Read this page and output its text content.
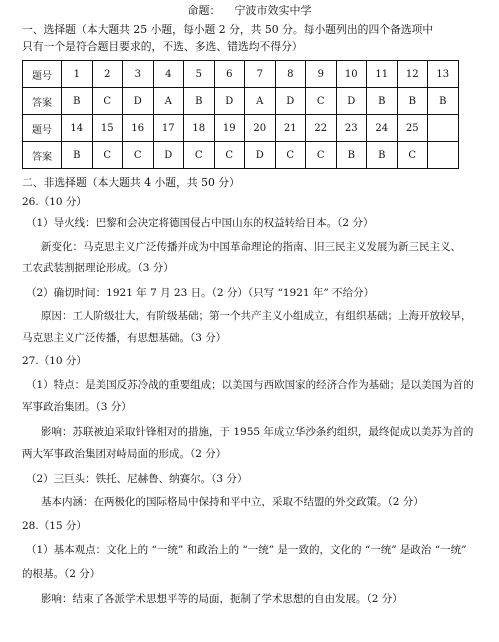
命题： 宁波市效实中学
一、选择题（本大题共 25 小题，每小题 2 分，共 50 分。每小题列出的四个备选项中
只有一个是符合题目要求的，不选、多选、错选均不得分）
题号	1	2	3	4	5	6	7	8	9	10	11	12	13
答案	B	C	D	A	B	D	A	D	C	D	B	B	B
题号	14	15	16	17	18	19	20	21	22	23	24	25	
答案	B	C	C	D	C	C	D	C	C	B	B	C	
二、非选择题（本大题共 4 小题，共 50 分）
26.（10 分）
（1）导火线：巴黎和会决定将德国侵占中国山东的权益转给日本。（2 分）
新变化：马克思主义广泛传播并成为中国革命理论的指南、旧三民主义发展为新三民主义、
工农武装割据理论形成。（3 分）
（2）确切时间：1921 年 7 月 23 日。（2 分）（只写 “1921 年” 不给分）
原因：工人阶级壮大，有阶级基础；第一个共产主义小组成立，有组织基础；上海开放较早，
马克思主义广泛传播，有思想基础。（3 分）
27.（10 分）
（1）特点：是美国反苏冷战的重要组成；以美国与西欧国家的经济合作为基础；是以美国为首的
军事政治集团。（3 分）
影响：苏联被迫采取针锋相对的措施，于 1955 年成立华沙条约组织，最终促成以美苏为首的
两大军事政治集团对峙局面的形成。（2 分）
（2）三巨头：铁托、尼赫鲁、纳赛尔。（3 分）
基本内涵：在两极化的国际格局中保持和平中立，采取不结盟的外交政策。（2 分）
28.（15 分）
（1）基本观点：文化上的 “一统” 和政治上的 “一统” 是一致的，文化的 “一统” 是政治 “一统”
的根基。（2 分）
影响：结束了各派学术思想平等的局面，扼制了学术思想的自由发展。（2 分）
